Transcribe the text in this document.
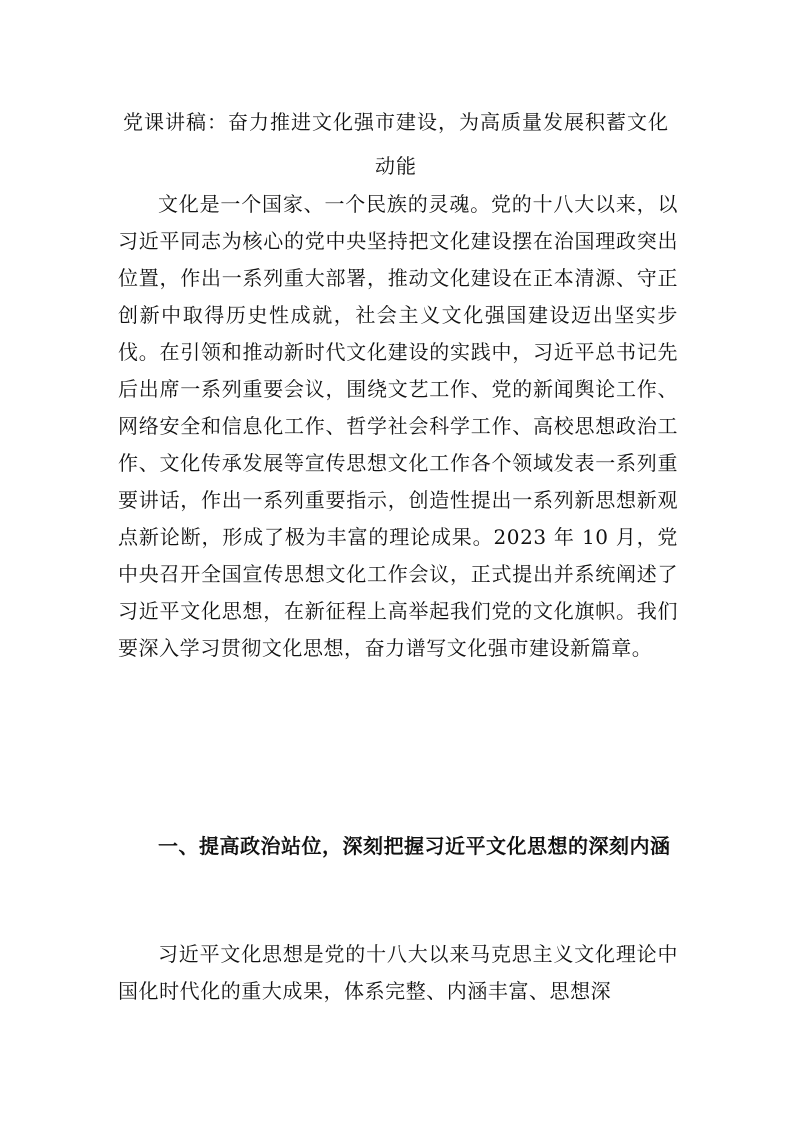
党课讲稿：奋力推进文化强市建设，为高质量发展积蓄文化动能

文化是一个国家、一个民族的灵魂。党的十八大以来，以习近平同志为核心的党中央坚持把文化建设摆在治国理政突出位置，作出一系列重大部署，推动文化建设在正本清源、守正创新中取得历史性成就，社会主义文化强国建设迈出坚实步伐。在引领和推动新时代文化建设的实践中，习近平总书记先后出席一系列重要会议，围绕文艺工作、党的新闻舆论工作、网络安全和信息化工作、哲学社会科学工作、高校思想政治工作、文化传承发展等宣传思想文化工作各个领域发表一系列重要讲话，作出一系列重要指示，创造性提出一系列新思想新观点新论断，形成了极为丰富的理论成果。2023 年 10 月，党中央召开全国宣传思想文化工作会议，正式提出并系统阐述了习近平文化思想，在新征程上高举起我们党的文化旗帜。我们要深入学习贯彻文化思想，奋力谱写文化强市建设新篇章。

一、提高政治站位，深刻把握习近平文化思想的深刻内涵

习近平文化思想是党的十八大以来马克思主义文化理论中国化时代化的重大成果，体系完整、内涵丰富、思想深
